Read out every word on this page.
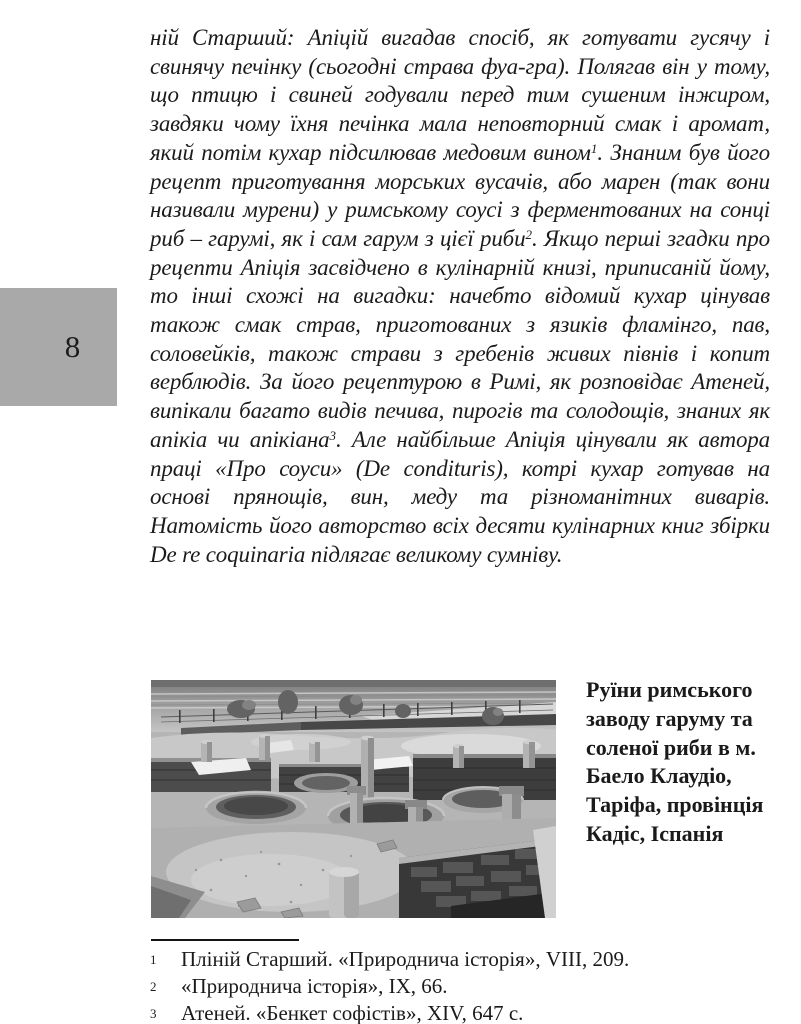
ній Старший: Апіцій вигадав спосіб, як готувати гусячу і свинячу печінку (сьогодні страва фуа-гра). Полягав він у тому, що птицю і свиней годували перед тим сушеним інжиром, завдяки чому їхня печінка мала неповторний смак і аромат, який потім кухар підсилював медовим вином$^1$. Знаним був його рецепт приготування морських вусачів, або марен (так вони називали мурени) у римському соусі з ферментованих на сонці риб – гарумі, як і сам гарум з цієї риби$^2$. Якщо перші згадки про рецепти Апіція засвідчено в кулінарній книзі, приписаній йому, то інші схожі на вигадки: начебто відомий кухар цінував також смак страв, приготованих з язиків фламінго, пав, соловейків, також страви з гребенів живих півнів і копит верблюдів. За його рецептурою в Римі, як розповідає Атеней, випікали багато видів печива, пирогів та солодощів, знаних як апікіа чи апікіана$^3$. Але найбільше Апіція цінували як автора праці «Про соуси» (De condituris), котрі кухар готував на основі прянощів, вин, меду та різноманітних виварів. Натомість його авторство всіх десяти кулінарних книг збірки De re coquinaria підлягає великому сумніву.

8
Руїни римського заводу гаруму та соленої риби в м. Баело Клаудіо, Таріфа, провінція Кадіс, Іспанія
1	Пліній Старший. «Природнича історія», VIII, 209.
2	«Природнича історія», IX, 66.
3	Атеней. «Бенкет софістів», XIV, 647 с.
